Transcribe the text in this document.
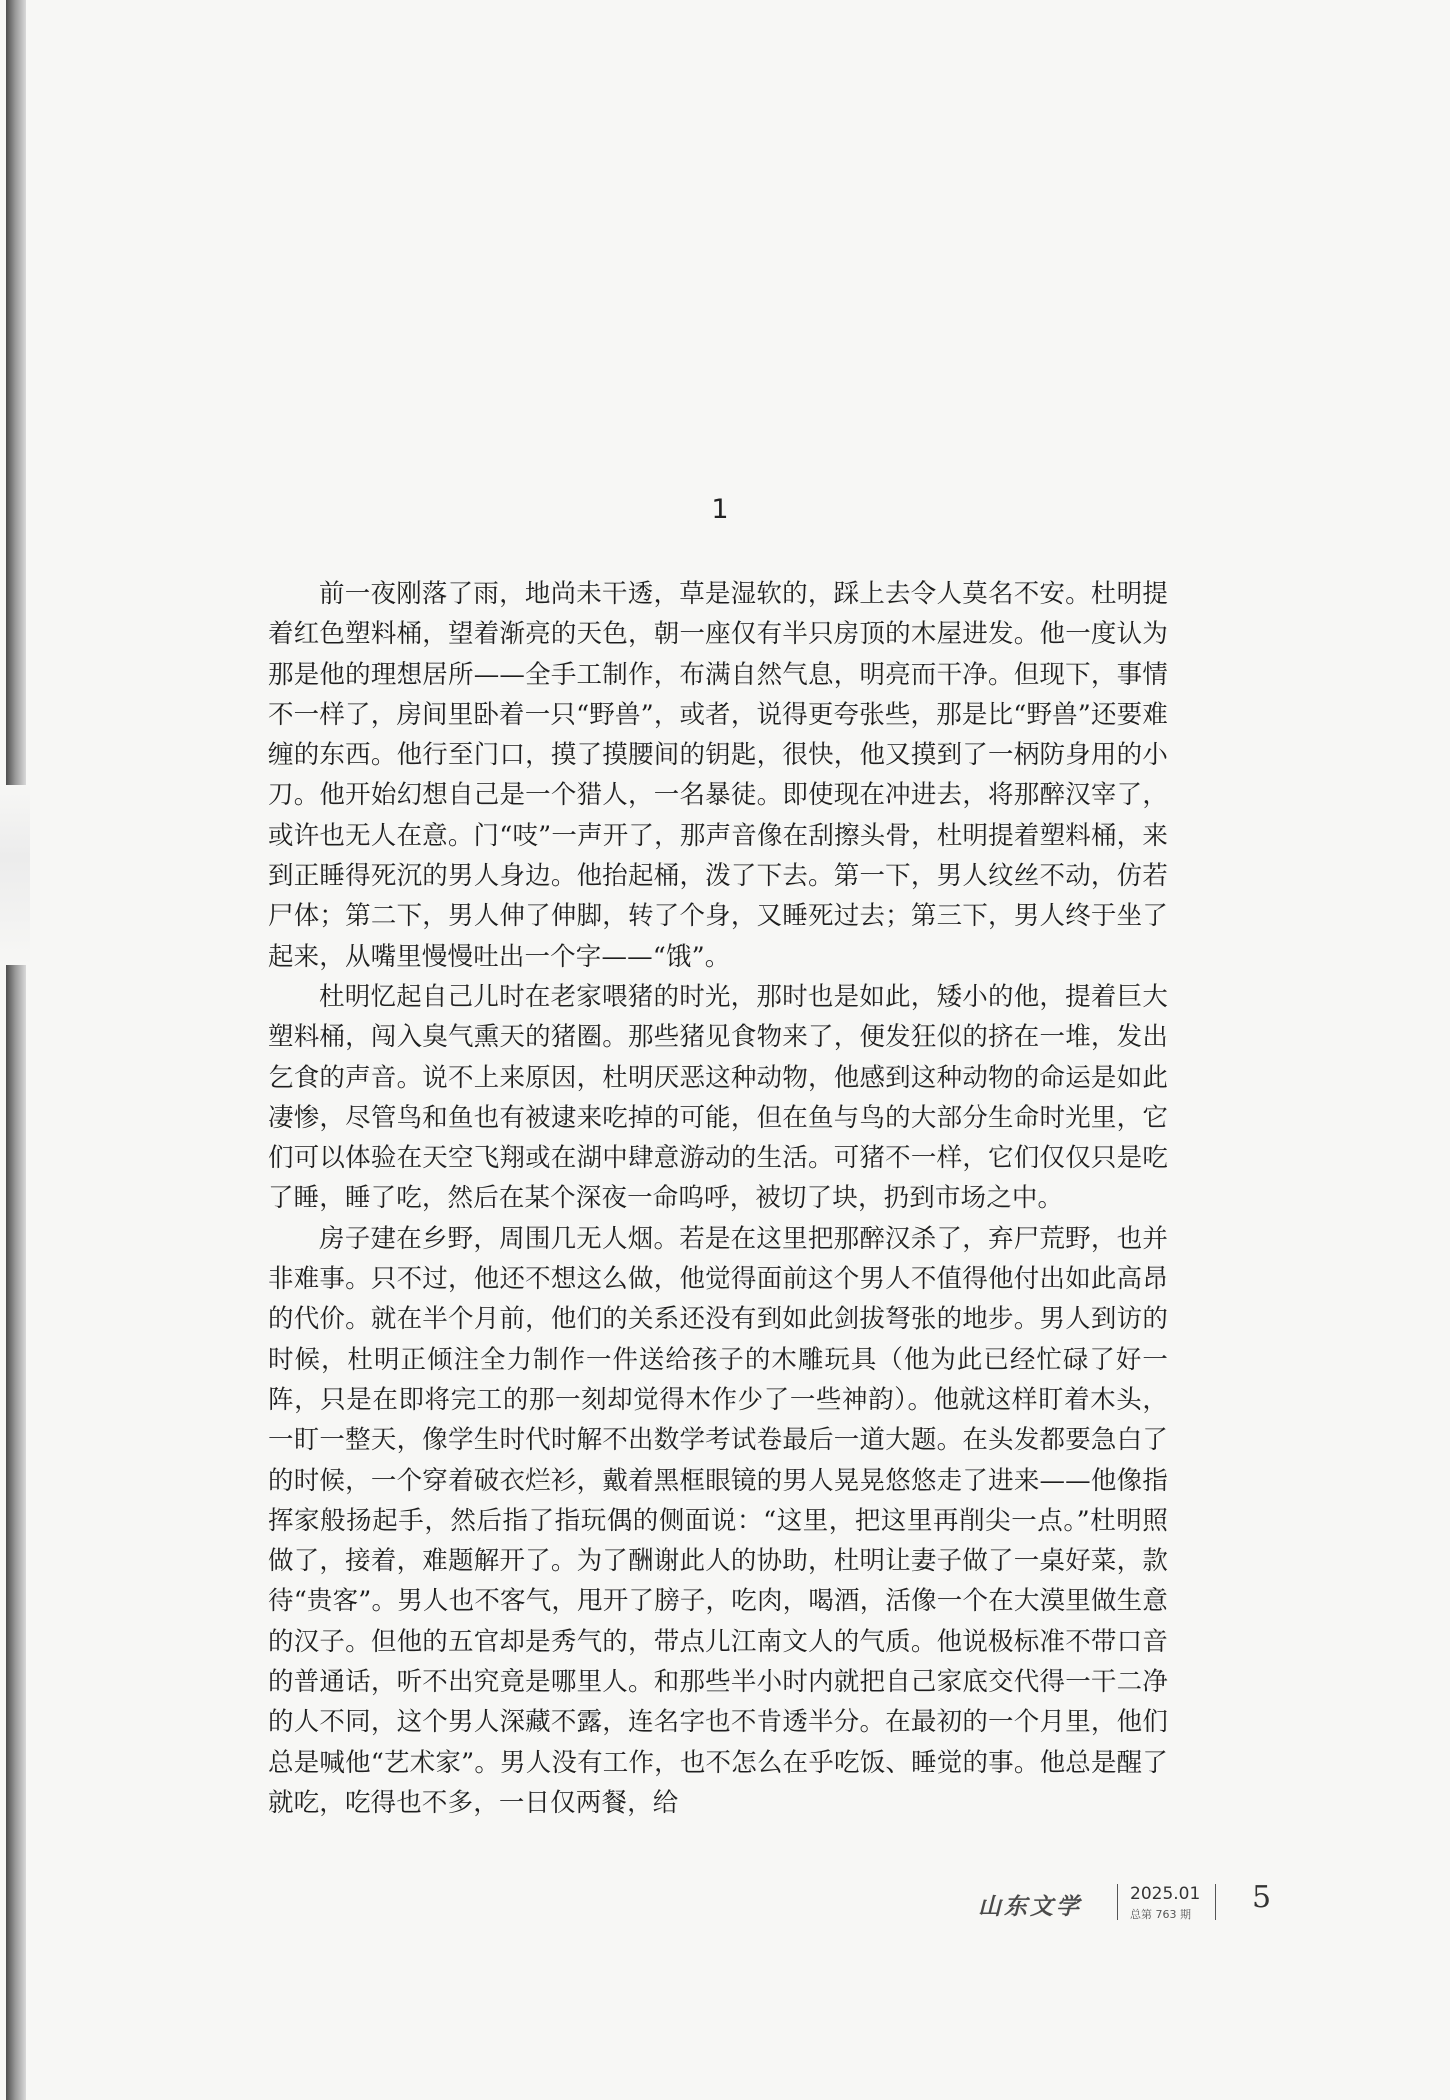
1

前一夜刚落了雨，地尚未干透，草是湿软的，踩上去令人莫名不安。杜明提着红色塑料桶，望着渐亮的天色，朝一座仅有半只房顶的木屋进发。他一度认为那是他的理想居所——全手工制作，布满自然气息，明亮而干净。但现下，事情不一样了，房间里卧着一只“野兽”，或者，说得更夸张些，那是比“野兽”还要难缠的东西。他行至门口，摸了摸腰间的钥匙，很快，他又摸到了一柄防身用的小刀。他开始幻想自己是一个猎人，一名暴徒。即使现在冲进去，将那醉汉宰了，或许也无人在意。门“吱”一声开了，那声音像在刮擦头骨，杜明提着塑料桶，来到正睡得死沉的男人身边。他抬起桶，泼了下去。第一下，男人纹丝不动，仿若尸体；第二下，男人伸了伸脚，转了个身，又睡死过去；第三下，男人终于坐了起来，从嘴里慢慢吐出一个字——“饿”。

杜明忆起自己儿时在老家喂猪的时光，那时也是如此，矮小的他，提着巨大塑料桶，闯入臭气熏天的猪圈。那些猪见食物来了，便发狂似的挤在一堆，发出乞食的声音。说不上来原因，杜明厌恶这种动物，他感到这种动物的命运是如此凄惨，尽管鸟和鱼也有被逮来吃掉的可能，但在鱼与鸟的大部分生命时光里，它们可以体验在天空飞翔或在湖中肆意游动的生活。可猪不一样，它们仅仅只是吃了睡，睡了吃，然后在某个深夜一命呜呼，被切了块，扔到市场之中。

房子建在乡野，周围几无人烟。若是在这里把那醉汉杀了，弃尸荒野，也并非难事。只不过，他还不想这么做，他觉得面前这个男人不值得他付出如此高昂的代价。就在半个月前，他们的关系还没有到如此剑拔弩张的地步。男人到访的时候，杜明正倾注全力制作一件送给孩子的木雕玩具（他为此已经忙碌了好一阵，只是在即将完工的那一刻却觉得木作少了一些神韵）。他就这样盯着木头，一盯一整天，像学生时代时解不出数学考试卷最后一道大题。在头发都要急白了的时候，一个穿着破衣烂衫，戴着黑框眼镜的男人晃晃悠悠走了进来——他像指挥家般扬起手，然后指了指玩偶的侧面说：“这里，把这里再削尖一点。”杜明照做了，接着，难题解开了。为了酬谢此人的协助，杜明让妻子做了一桌好菜，款待“贵客”。男人也不客气，甩开了膀子，吃肉，喝酒，活像一个在大漠里做生意的汉子。但他的五官却是秀气的，带点儿江南文人的气质。他说极标准不带口音的普通话，听不出究竟是哪里人。和那些半小时内就把自己家底交代得一干二净的人不同，这个男人深藏不露，连名字也不肯透半分。在最初的一个月里，他们总是喊他“艺术家”。男人没有工作，也不怎么在乎吃饭、睡觉的事。他总是醒了就吃，吃得也不多，一日仅两餐，给

山东文学	2025.01
总第 763 期 5
